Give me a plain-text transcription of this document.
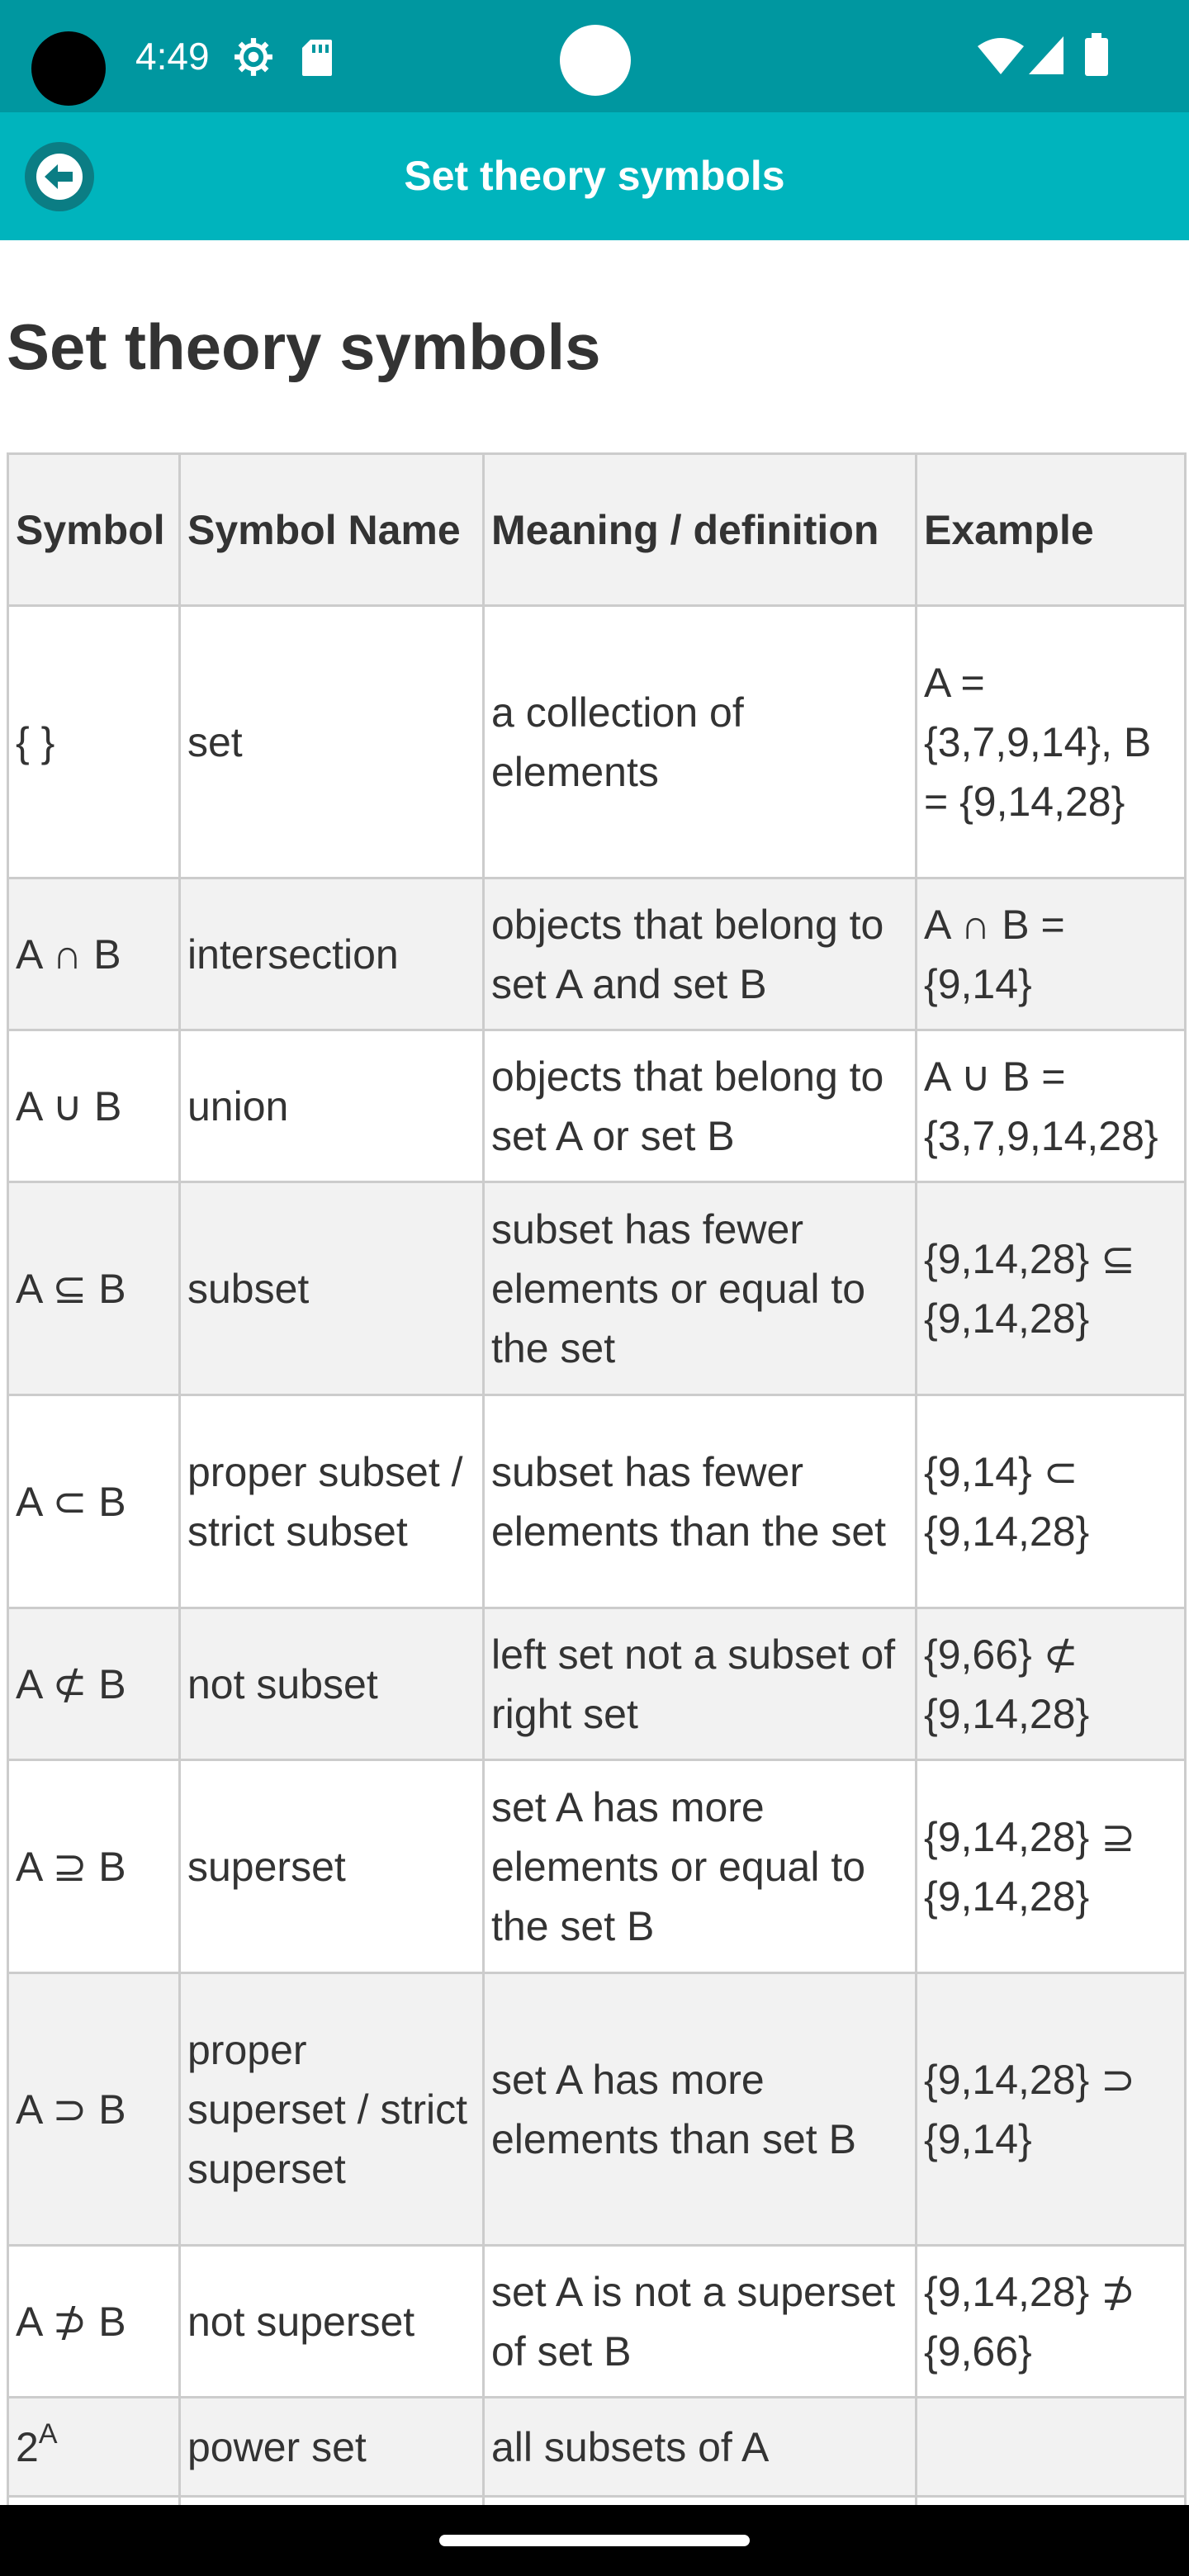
4:49
Set theory symbols
Set theory symbols
Symbol	Symbol Name	Meaning / definition	Example
{ }	set	a collection of elements	A = {3,7,9,14}, B = {9,14,28}
A ∩ B	intersection	objects that belong to set A and set B	A ∩ B = {9,14}
A ∪ B	union	objects that belong to set A or set B	A ∪ B = {3,7,9,14,28}
A ⊆ B	subset	subset has fewer elements or equal to the set	{9,14,28} ⊆ {9,14,28}
A ⊂ B	proper subset / strict subset	subset has fewer elements than the set	{9,14} ⊂ {9,14,28}
A ⊄ B	not subset	left set not a subset of right set	{9,66} ⊄ {9,14,28}
A ⊇ B	superset	set A has more elements or equal to the set B	{9,14,28} ⊇ {9,14,28}
A ⊃ B	proper superset / strict superset	set A has more elements than set B	{9,14,28} ⊃ {9,14}
A ⊅ B	not superset	set A is not a superset of set B	{9,14,28} ⊅ {9,66}
$2^A$	power set	all subsets of A	
